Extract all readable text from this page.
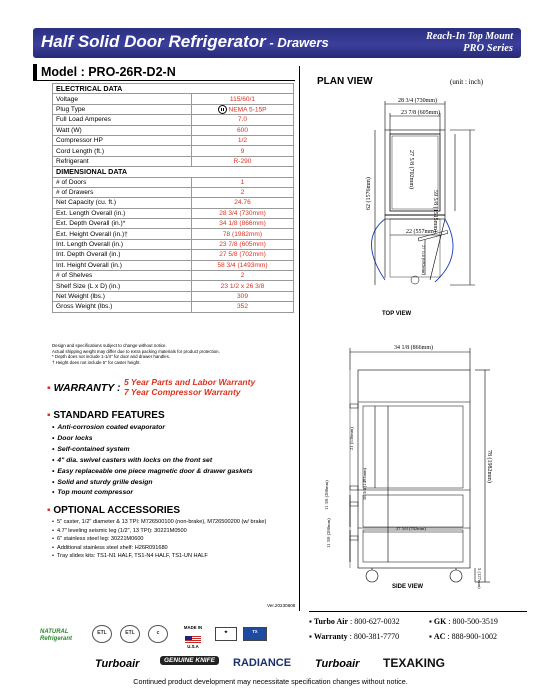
Half Solid Door Refrigerator - Drawers	Reach-In Top Mount
PRO Series
Model : PRO-26R-D2-N
ELECTRICAL DATA	
Voltage	115/60/1
Plug Type	NEMA 5-15P
Full Load Amperes	7.0
Watt (W)	600
Compressor HP	1/2
Cord Length (ft.)	9
Refrigerant	R-290
DIMENSIONAL DATA	
# of Doors	1
# of Drawers	2
Net Capacity (cu. ft.)	24.76
Ext. Length Overall (in.)	28 3/4 (730mm)
Ext. Depth Overall (in.)*	34 1/8 (866mm)
Ext. Height Overall (in.)†	78 (1982mm)
Int. Length Overall (in.)	23 7/8 (605mm)
Int. Depth Overall (in.)	27 5/8 (702mm)
Int. Height Overall (in.)	58 3/4 (1493mm)
# of Shelves	2
Shelf Size (L x D) (in.)	23 1/2 x 26 3/8
Net Weight (lbs.)	309
Gross Weight (lbs.)	352
Design and specifications subject to change without notice.
Actual shipping weight may differ due to extra packing materials for product protection.
* Depth does not include 1-1/4" for door and drawer handles.
† Height does not include 5" for caster height.
▪ WARRANTY : 5 Year Parts and Labor Warranty
7 Year Compressor Warranty
▪ STANDARD FEATURES
• Anti-corrosion coated evaporator
• Door locks
• Self-contained system
• 4" dia. swivel casters with locks on the front set
• Easy replaceable one piece magnetic door & drawer gaskets
• Solid and sturdy grille design
• Top mount compressor
▪ OPTIONAL ACCESSORIES
• 5" caster, 1/2" diameter & 13 TPI: M726500100 (non-brake), M726500200 (w/ brake)
• 4.7" leveling seismic leg (1/2", 13 TPI): 30221M0500
• 6" stainless steel leg: 30221M0600
• Additional stainless steel shelf: H26R091680
• Tray slides kits: TS1-N1 HALF, TS1-N4 HALF, TS1-UN HALF
Ver.20230608
PLAN VIEW	(unit : inch)
28 3/4 (730mm)
23 7/8 (605mm)
27 5/8 (702mm)
59 5/8 (1515mm)
62 (1576mm)
22 (557mm)
27 1/4 (692mm)
TOP VIEW
34 1/8 (866mm)
21 (536mm)
58 3/4 (1493mm)
78 (1982mm)
27 5/8 (702mm)
11 3/8 (288mm)
11 3/8 (288mm)
5 (127mm)
SIDE VIEW
▪ Turbo Air : 800-627-0032	▪ GK : 800-500-3519
▪ Warranty : 800-381-7770	▪ AC : 888-900-1002
NATURAL
Refrigerant
ETL	ETL	c
MADE IN
U.S.A
★	TX
Turboair	GENUINE KNIFE	RADIANCE Turboair TEXAKING
Continued product development may necessitate specification changes without notice.
